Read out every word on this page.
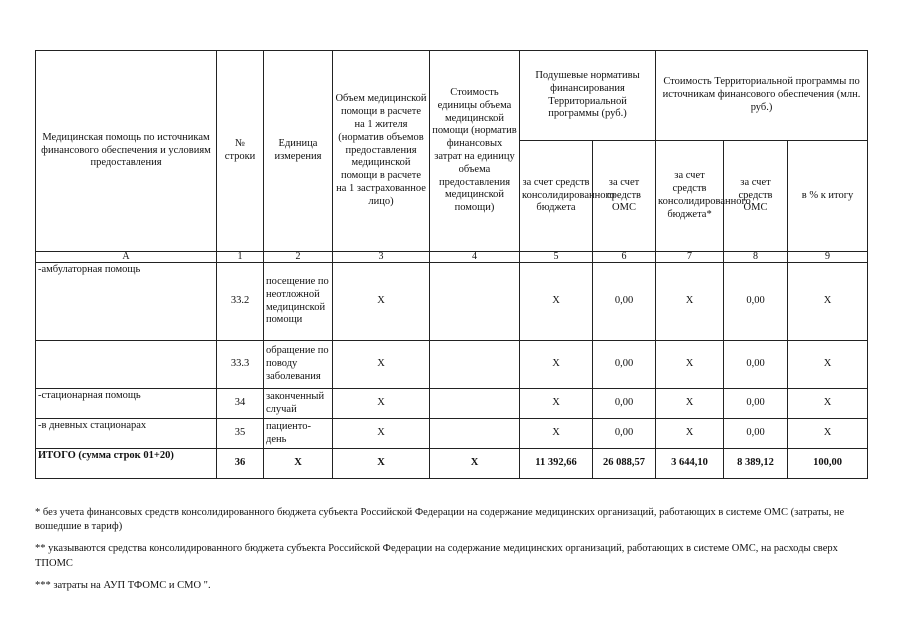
Медицинская помощь по источникам финансового обеспечения и условиям предоставления	№ строки	Единица измерения	Объем медицинской помощи в расчете на 1 жителя (норматив объемов предоставления медицинской помощи в расчете на 1 застрахованное лицо)	Стоимость единицы объема медицинской помощи (норматив финансовых затрат на единицу объема предоставления медицинской помощи)	Подушевые нормативы финансирования Территориальной программы (руб.)		Стоимость Территориальной программы по источникам финансового обеспечения (млн. руб.)		
					за счет средств консолидированного бюджета	за счет средств ОМС	за счет средств консолидированного бюджета*	за счет средств ОМС	в % к итогу
А	1	2	3	4	5	6	7	8	9
-амбулаторная помощь	33.2	посещение по неотложной медицинской помощи	X		X	0,00	X	0,00	X
	33.3	обращение по поводу заболевания	X		X	0,00	X	0,00	X
-стационарная помощь	34	законченный случай	X		X	0,00	X	0,00	X
-в дневных стационарах	35	пациенто-день	X		X	0,00	X	0,00	X
ИТОГО (сумма строк 01+20)	36	X	X	X	11 392,66	26 088,57	3 644,10	8 389,12	100,00

* без учета финансовых средств консолидированного бюджета субъекта Российской Федерации на содержание медицинских организаций, работающих в системе ОМС (затраты, не вошедшие в тариф)

** указываются средства консолидированного бюджета субъекта Российской Федерации на содержание медицинских организаций, работающих в системе ОМС, на расходы сверх ТПОМС

*** затраты на АУП ТФОМС и СМО ".
